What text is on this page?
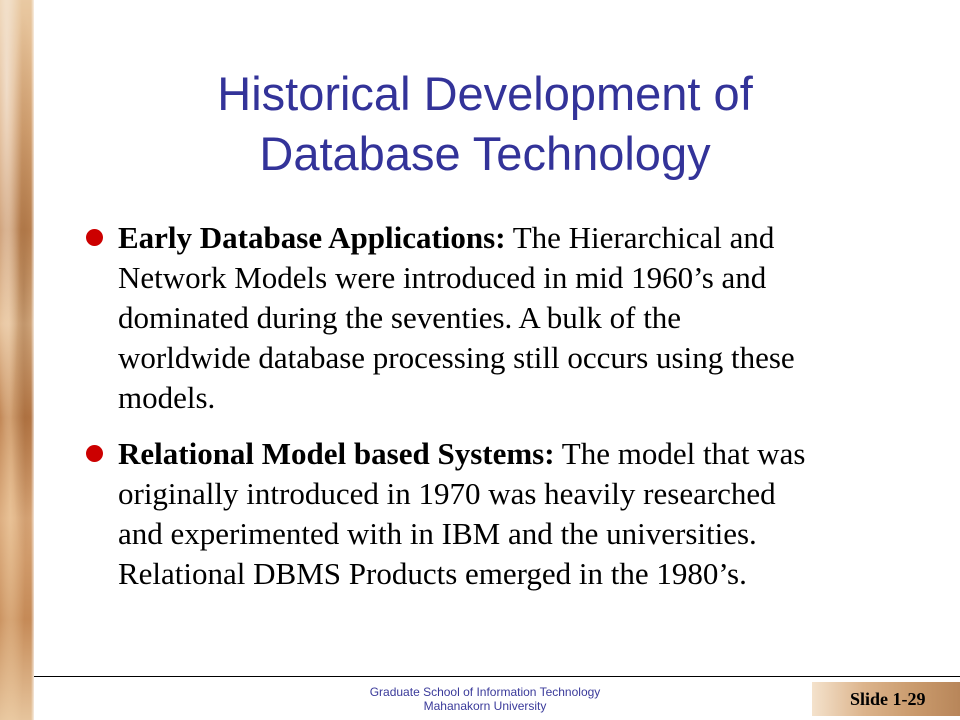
Historical Development of
Database Technology
Early Database Applications: The Hierarchical and Network Models were introduced in mid 1960’s and dominated during the seventies. A bulk of the worldwide database processing still occurs using these models.
Relational Model based Systems: The model that was originally introduced in 1970 was heavily researched and experimented with in IBM and the universities. Relational DBMS Products emerged in the 1980’s.
Graduate School of Information Technology
Mahanakorn University	Slide 1-29
